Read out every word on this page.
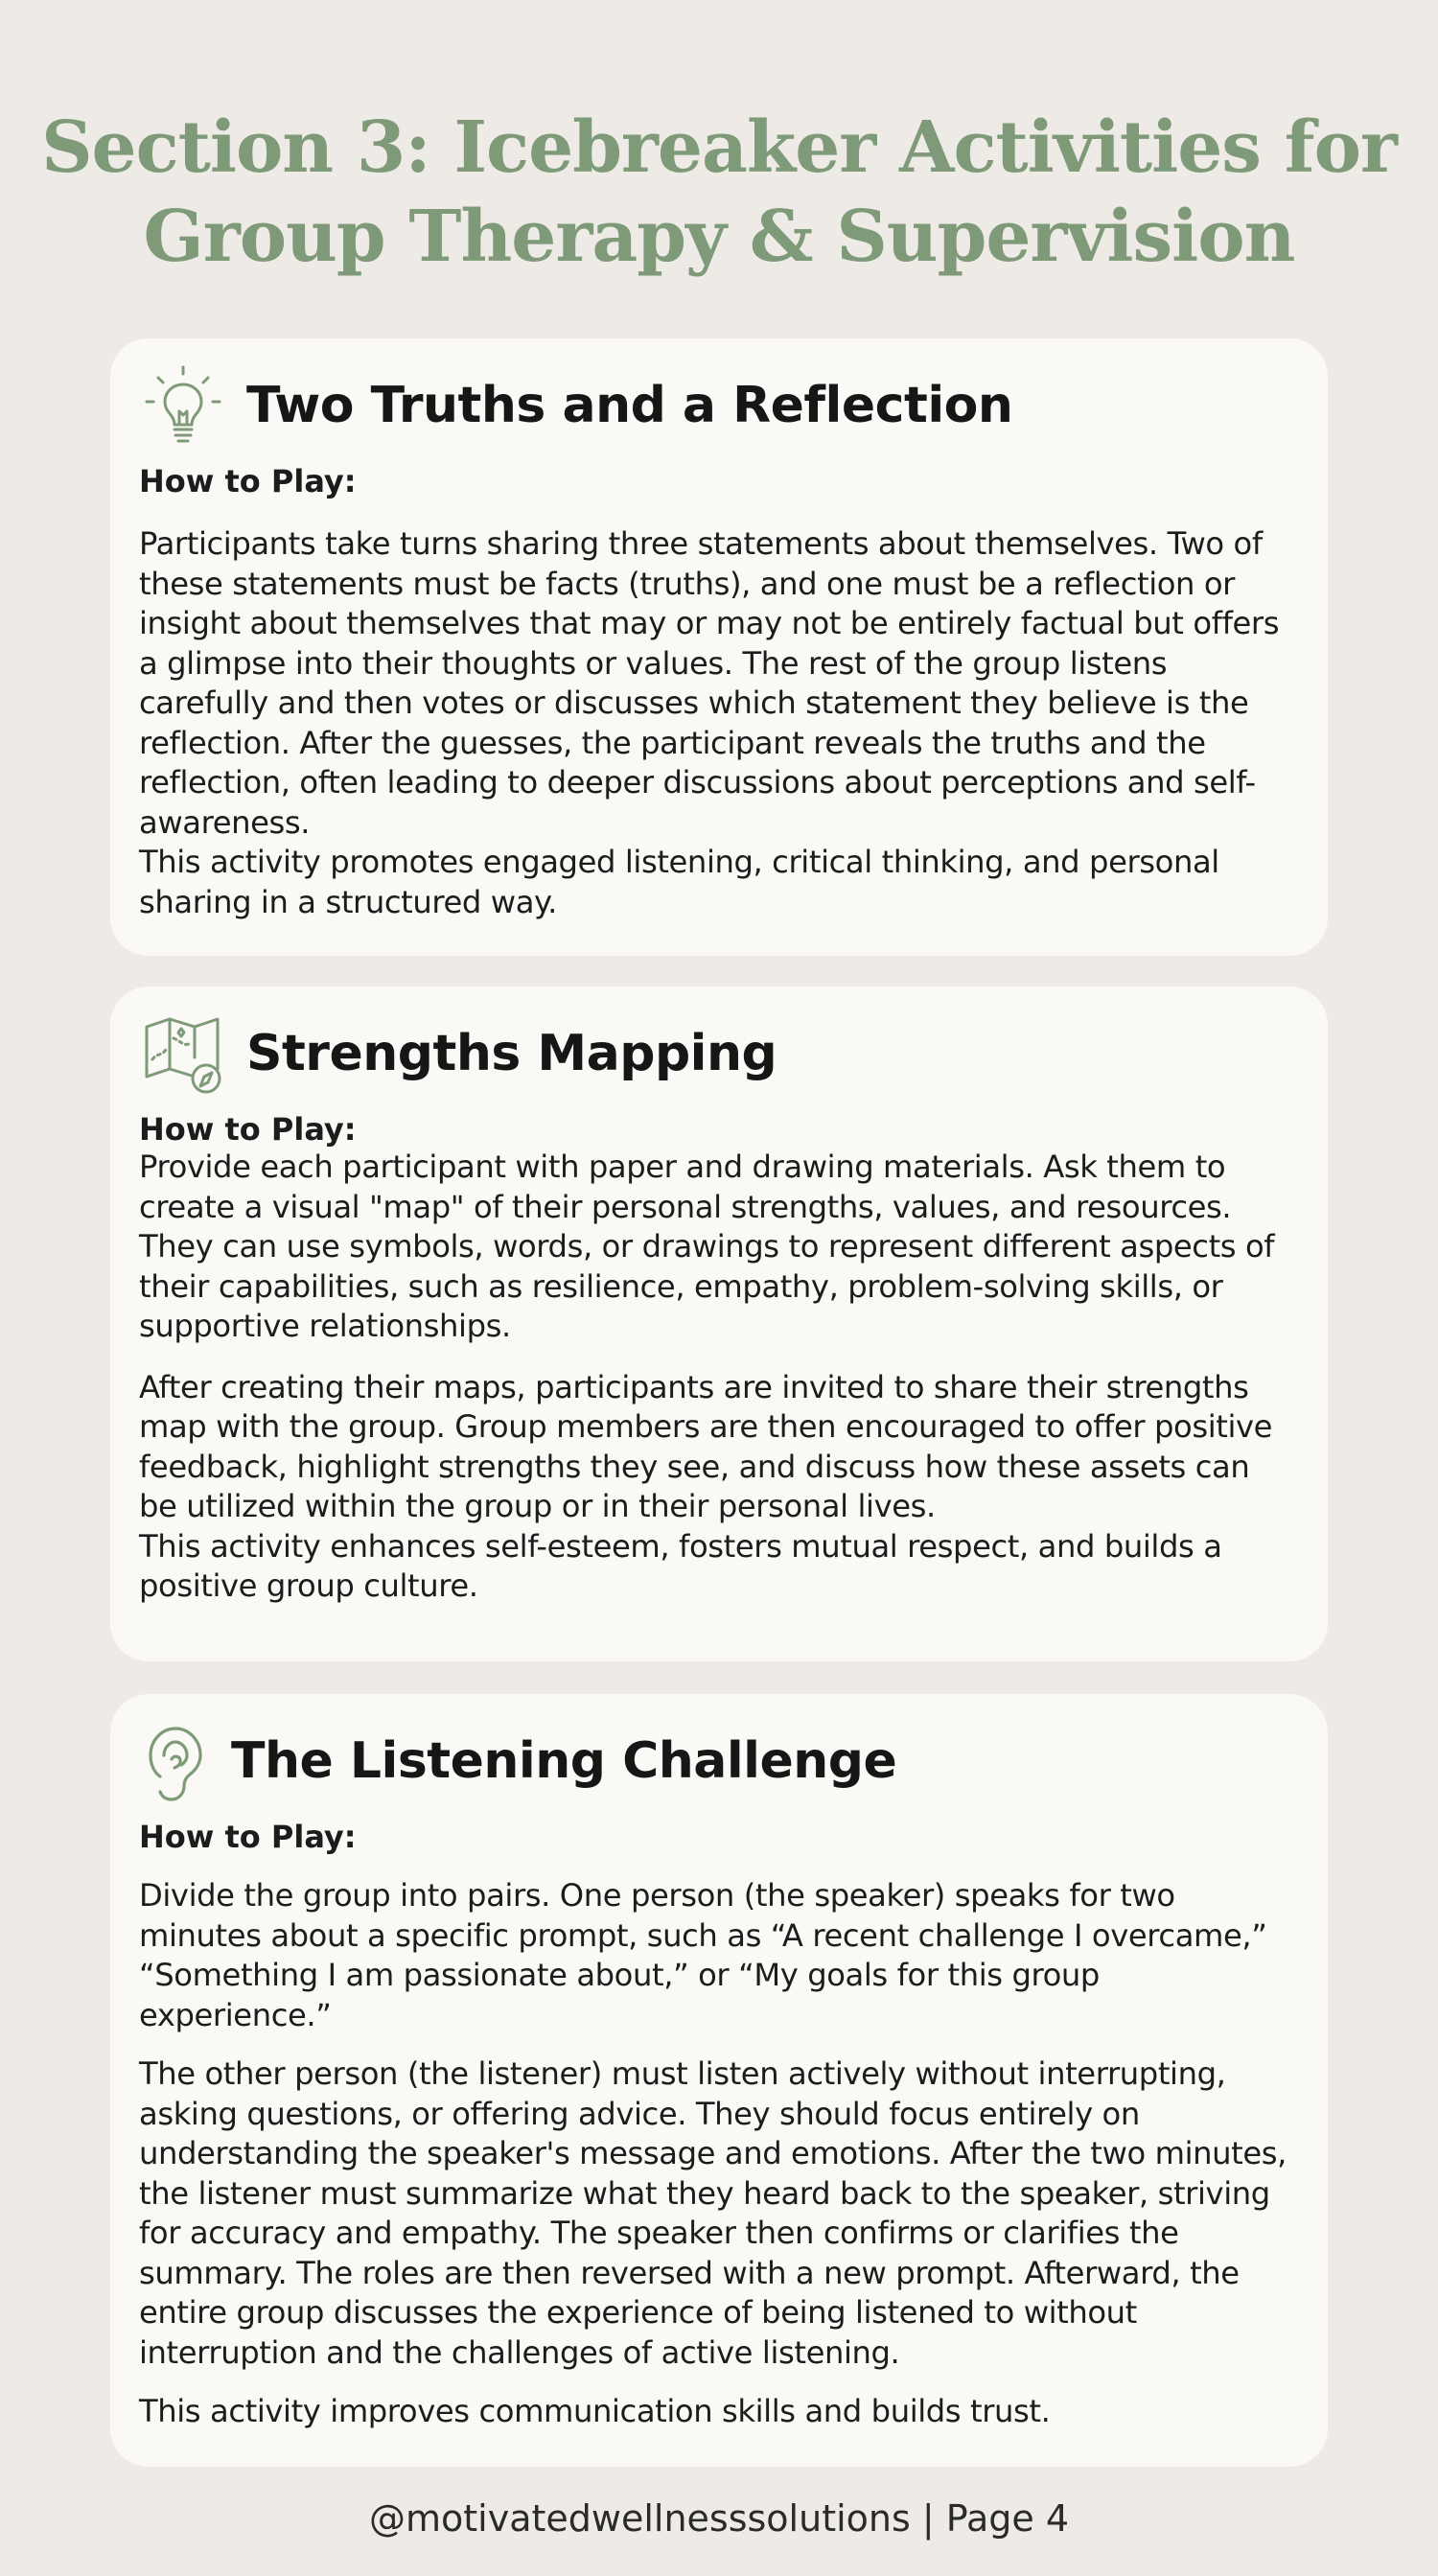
Section 3: Icebreaker Activities for
Group Therapy & Supervision
Two Truths and a Reflection
How to Play:

Participants take turns sharing three statements about themselves. Two of these statements must be facts (truths), and one must be a reflection or insight about themselves that may or may not be entirely factual but offers a glimpse into their thoughts or values. The rest of the group listens carefully and then votes or discusses which statement they believe is the reflection. After the guesses, the participant reveals the truths and the reflection, often leading to deeper discussions about perceptions and self-awareness.

This activity promotes engaged listening, critical thinking, and personal sharing in a structured way.

Strengths Mapping
How to Play:

Provide each participant with paper and drawing materials. Ask them to create a visual "map" of their personal strengths, values, and resources. They can use symbols, words, or drawings to represent different aspects of their capabilities, such as resilience, empathy, problem-solving skills, or supportive relationships.

After creating their maps, participants are invited to share their strengths map with the group. Group members are then encouraged to offer positive feedback, highlight strengths they see, and discuss how these assets can be utilized within the group or in their personal lives.

This activity enhances self-esteem, fosters mutual respect, and builds a positive group culture.

The Listening Challenge
How to Play:

Divide the group into pairs. One person (the speaker) speaks for two minutes about a specific prompt, such as “A recent challenge I overcame,” “Something I am passionate about,” or “My goals for this group experience.”

The other person (the listener) must listen actively without interrupting, asking questions, or offering advice. They should focus entirely on understanding the speaker's message and emotions. After the two minutes, the listener must summarize what they heard back to the speaker, striving for accuracy and empathy. The speaker then confirms or clarifies the summary. The roles are then reversed with a new prompt. Afterward, the entire group discusses the experience of being listened to without interruption and the challenges of active listening.

This activity improves communication skills and builds trust.

@motivatedwellnesssolutions | Page 4
